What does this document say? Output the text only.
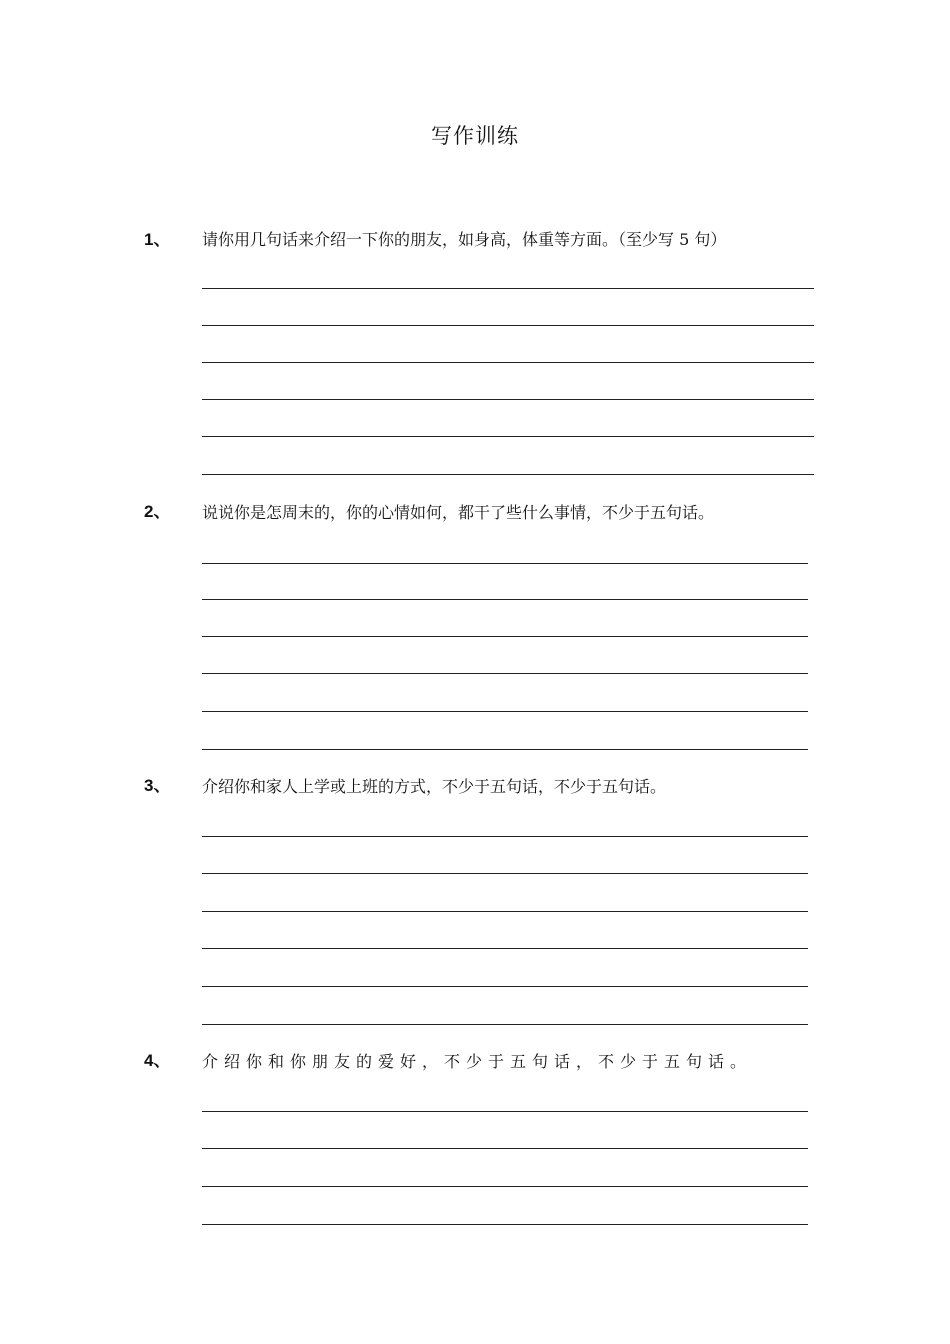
写作训练
1、 请你用几句话来介绍一下你的朋友，如身高，体重等方面。（至少写 5 句）
2、 说说你是怎周末的，你的心情如何，都干了些什么事情，不少于五句话。
3、 介绍你和家人上学或上班的方式，不少于五句话，不少于五句话。
4、 介绍你和你朋友的爱好，不少于五句话，不少于五句话。
